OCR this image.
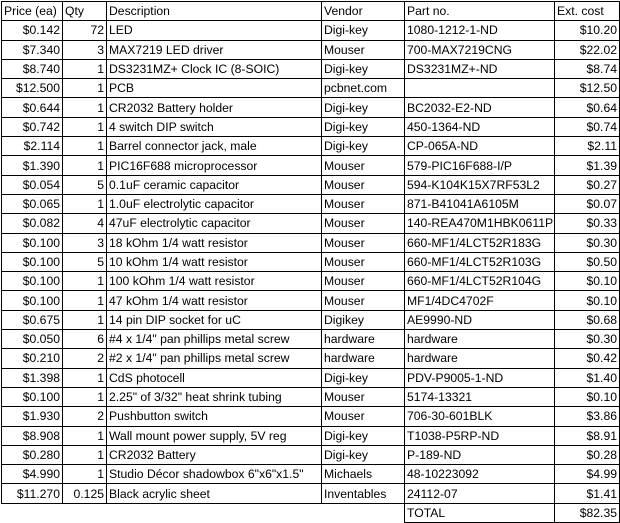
Price (ea)	Qty	Description	Vendor	Part no.	Ext. cost
$0.142	72	LED	Digi-key	1080-1212-1-ND	$10.20
$7.340	3	MAX7219 LED driver	Mouser	700-MAX7219CNG	$22.02
$8.740	1	DS3231MZ+ Clock IC (8-SOIC)	Digi-key	DS3231MZ+-ND	$8.74
$12.500	1	PCB	pcbnet.com		$12.50
$0.644	1	CR2032 Battery holder	Digi-key	BC2032-E2-ND	$0.64
$0.742	1	4 switch DIP switch	Digi-key	450-1364-ND	$0.74
$2.114	1	Barrel connector jack, male	Digi-key	CP-065A-ND	$2.11
$1.390	1	PIC16F688 microprocessor	Mouser	579-PIC16F688-I/P	$1.39
$0.054	5	0.1uF ceramic capacitor	Mouser	594-K104K15X7RF53L2	$0.27
$0.065	1	1.0uF electrolytic capacitor	Mouser	871-B41041A6105M	$0.07
$0.082	4	47uF electrolytic capacitor	Mouser	140-REA470M1HBK0611P	$0.33
$0.100	3	18 kOhm 1/4 watt resistor	Mouser	660-MF1/4LCT52R183G	$0.30
$0.100	5	10 kOhm 1/4 watt resistor	Mouser	660-MF1/4LCT52R103G	$0.50
$0.100	1	100 kOhm 1/4 watt resistor	Mouser	660-MF1/4LCT52R104G	$0.10
$0.100	1	47 kOhm 1/4 watt resistor	Mouser	MF1/4DC4702F	$0.10
$0.675	1	14 pin DIP socket for uC	Digikey	AE9990-ND	$0.68
$0.050	6	#4 x 1/4" pan phillips metal screw	hardware	hardware	$0.30
$0.210	2	#2 x 1/4" pan phillips metal screw	hardware	hardware	$0.42
$1.398	1	CdS photocell	Digi-key	PDV-P9005-1-ND	$1.40
$0.100	1	2.25" of 3/32" heat shrink tubing	Mouser	5174-13321	$0.10
$1.930	2	Pushbutton switch	Mouser	706-30-601BLK	$3.86
$8.908	1	Wall mount power supply, 5V reg	Digi-key	T1038-P5RP-ND	$8.91
$0.280	1	CR2032 Battery	Digi-key	P-189-ND	$0.28
$4.990	1	Studio Décor shadowbox 6"x6"x1.5"	Michaels	48-10223092	$4.99
$11.270	0.125	Black acrylic sheet	Inventables	24112-07	$1.41
				TOTAL	$82.35
